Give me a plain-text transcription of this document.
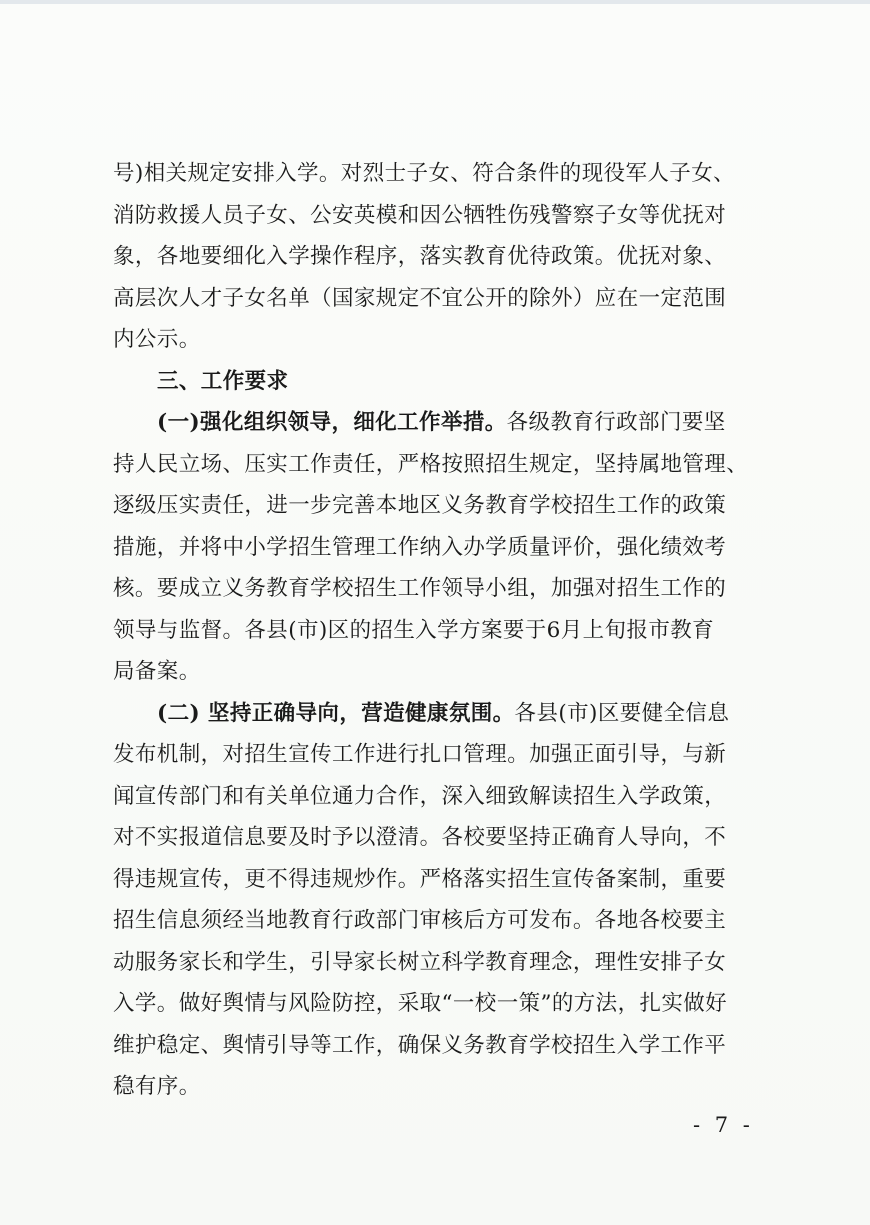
号)相关规定安排入学。对烈士子女、符合条件的现役军人子女、
消防救援人员子女、公安英模和因公牺牲伤残警察子女等优抚对
象，各地要细化入学操作程序，落实教育优待政策。优抚对象、
高层次人才子女名单（国家规定不宜公开的除外）应在一定范围
内公示。
三、工作要求
(一)强化组织领导，细化工作举措。各级教育行政部门要坚
持人民立场、压实工作责任，严格按照招生规定，坚持属地管理、
逐级压实责任，进一步完善本地区义务教育学校招生工作的政策
措施，并将中小学招生管理工作纳入办学质量评价，强化绩效考
核。要成立义务教育学校招生工作领导小组，加强对招生工作的
领导与监督。各县(市)区的招生入学方案要于6月上旬报市教育
局备案。
(二) 坚持正确导向，营造健康氛围。各县(市)区要健全信息
发布机制，对招生宣传工作进行扎口管理。加强正面引导，与新
闻宣传部门和有关单位通力合作，深入细致解读招生入学政策，
对不实报道信息要及时予以澄清。各校要坚持正确育人导向，不
得违规宣传，更不得违规炒作。严格落实招生宣传备案制，重要
招生信息须经当地教育行政部门审核后方可发布。各地各校要主
动服务家长和学生，引导家长树立科学教育理念，理性安排子女
入学。做好舆情与风险防控，采取“一校一策”的方法，扎实做好
维护稳定、舆情引导等工作，确保义务教育学校招生入学工作平
稳有序。
- 7 -
